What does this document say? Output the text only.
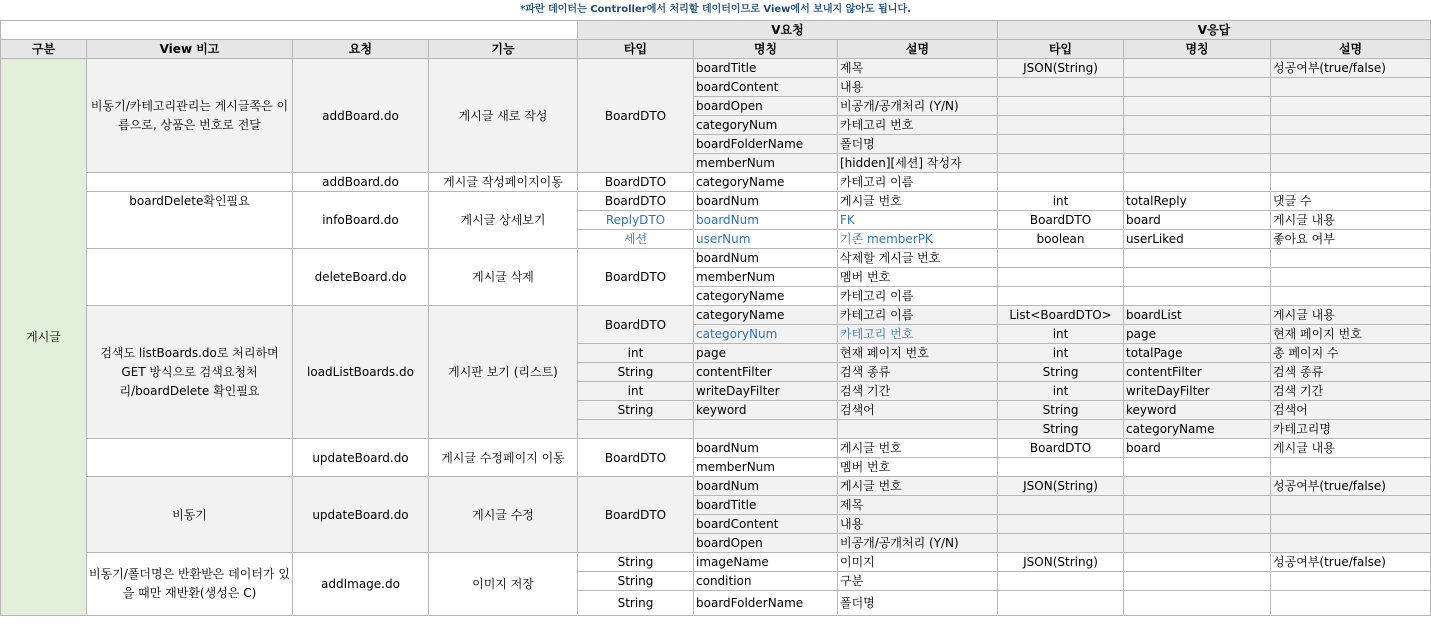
*파란 데이터는 Controller에서 처리할 데이터이므로 View에서 보내지 않아도 됩니다.
				V요청			V응답		
구분	View 비고	요청	기능	타입	명칭	설명	타입	명칭	설명
게시글	비동기/카테고리관리는 게시글쪽은 이름으로, 상품은 번호로 전달	addBoard.do	게시글 새로 작성	BoardDTO	boardTitle	제목	JSON(String)		성공여부(true/false)
					boardContent	내용			
					boardOpen	비공개/공개처리 (Y/N)			
					categoryNum	카테고리 번호			
					boardFolderName	폴더명			
					memberNum	[hidden][세션] 작성자			
		addBoard.do	게시글 작성페이지이동	BoardDTO	categoryName	카테고리 이름			
	boardDelete확인필요	infoBoard.do	게시글 상세보기	BoardDTO	boardNum	게시글 번호	int	totalReply	댓글 수
				ReplyDTO	boardNum	FK	BoardDTO	board	게시글 내용
				세션	userNum	기존 memberPK	boolean	userLiked	좋아요 여부
		deleteBoard.do	게시글 삭제	BoardDTO	boardNum	삭제할 게시글 번호			
					memberNum	멤버 번호			
					categoryName	카테고리 이름			
	검색도 listBoards.do로 처리하며 GET 방식으로 검색요청처리/boardDelete 확인필요	loadListBoards.do	게시판 보기 (리스트)	BoardDTO	categoryName	카테고리 이름	List<BoardDTO>	boardList	게시글 내용
					categoryNum	카테고리 번호	int	page	현재 페이지 번호
				int	page	현재 페이지 번호	int	totalPage	총 페이지 수
				String	contentFilter	검색 종류	String	contentFilter	검색 종류
				int	writeDayFilter	검색 기간	int	writeDayFilter	검색 기간
				String	keyword	검색어	String	keyword	검색어
							String	categoryName	카테고리명
		updateBoard.do	게시글 수정페이지 이동	BoardDTO	boardNum	게시글 번호	BoardDTO	board	게시글 내용
					memberNum	멤버 번호			
	비동기	updateBoard.do	게시글 수정	BoardDTO	boardNum	게시글 번호	JSON(String)		성공여부(true/false)
					boardTitle	제목			
					boardContent	내용			
					boardOpen	비공개/공개처리 (Y/N)			
	비동기/폴더명은 반환받은 데이터가 있을 때만 재반환(생성은 C)	addImage.do	이미지 저장	String	imageName	이미지	JSON(String)		성공여부(true/false)
				String	condition	구분			
				String	boardFolderName	폴더명			
